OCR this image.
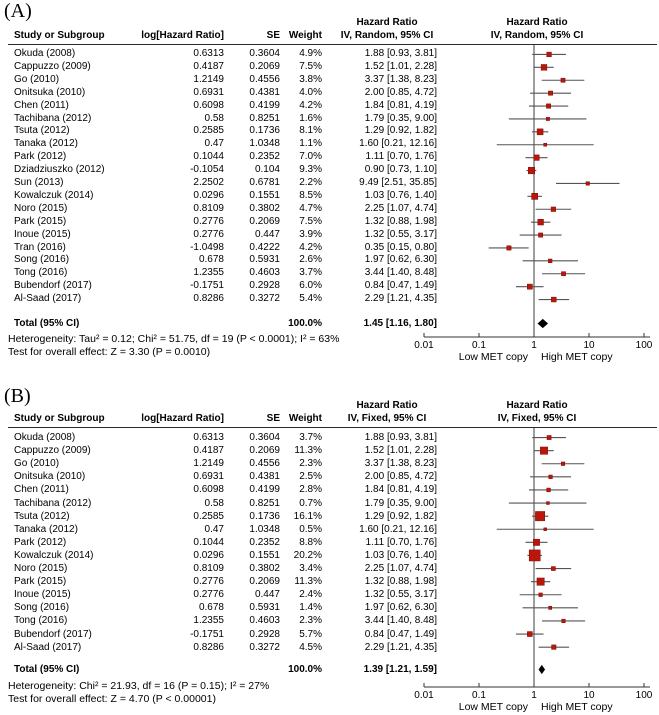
(A)
Hazard Ratio	Hazard Ratio
Study or Subgroup	log[Hazard Ratio]	SE Weight	IV, Random, 95% CI	IV, Random, 95% CI
Okuda (2008)	0.6313	0.3604	4.9%	1.88 [0.93, 3.81]
Cappuzzo (2009)	0.4187	0.2069	7.5%	1.52 [1.01, 2.28]
Go (2010)	1.2149	0.4556	3.8%	3.37 [1.38, 8.23]
Onitsuka (2010)	0.6931	0.4381	4.0%	2.00 [0.85, 4.72]
Chen (2011)	0.6098	0.4199	4.2%	1.84 [0.81, 4.19]
Tachibana (2012)	0.58	0.8251	1.6%	1.79 [0.35, 9.00]
Tsuta (2012)	0.2585	0.1736	8.1%	1.29 [0.92, 1.82]
Tanaka (2012)	0.47	1.0348	1.1%	1.60 [0.21, 12.16]
Park (2012)	0.1044	0.2352	7.0%	1.11 [0.70, 1.76]
Dziadziuszko (2012)	-0.1054	0.104	9.3%	0.90 [0.73, 1.10]
Sun (2013)	2.2502	0.6781	2.2%	9.49 [2.51, 35.85]
Kowalczuk (2014)	0.0296	0.1551	8.5%	1.03 [0.76, 1.40]
Noro (2015)	0.8109	0.3802	4.7%	2.25 [1.07, 4.74]
Park (2015)	0.2776	0.2069	7.5%	1.32 [0.88, 1.98]
Inoue (2015)	0.2776	0.447	3.9%	1.32 [0.55, 3.17]
Tran (2016)	-1.0498	0.4222	4.2%	0.35 [0.15, 0.80]
Song (2016)	0.678	0.5931	2.6%	1.97 [0.62, 6.30]
Tong (2016)	1.2355	0.4603	3.7%	3.44 [1.40, 8.48]
Bubendorf (2017)	-0.1751	0.2928	6.0%	0.84 [0.47, 1.49]
Al-Saad (2017)	0.8286	0.3272	5.4%	2.29 [1.21, 4.35]
Total (95% CI)	100.0%	1.45 [1.16, 1.80]
Heterogeneity: Tau² = 0.12; Chi² = 51.75, df = 19 (P < 0.0001); I² = 63%
Test for overall effect: Z = 3.30 (P = 0.0010)
0.01	0.1	1	10	100
Low MET copy High MET copy
(B)	Hazard Ratio	Hazard Ratio
Study or Subgroup	log[Hazard Ratio]	SE Weight	IV, Fixed, 95% CI	IV, Fixed, 95% CI
Okuda (2008)	0.6313	0.3604	3.7%	1.88 [0.93, 3.81]
Cappuzzo (2009)	0.4187	0.2069	11.3%	1.52 [1.01, 2.28]
Go (2010)	1.2149	0.4556	2.3%	3.37 [1.38, 8.23]
Onitsuka (2010)	0.6931	0.4381	2.5%	2.00 [0.85, 4.72]
Chen (2011)	0.6098	0.4199	2.8%	1.84 [0.81, 4.19]
Tachibana (2012)	0.58	0.8251	0.7%	1.79 [0.35, 9.00]
Tsuta (2012)	0.2585	0.1736	16.1%	1.29 [0.92, 1.82]
Tanaka (2012)	0.47	1.0348	0.5%	1.60 [0.21, 12.16]
Park (2012)	0.1044	0.2352	8.8%	1.11 [0.70, 1.76]
Kowalczuk (2014)	0.0296	0.1551	20.2%	1.03 [0.76, 1.40]
Noro (2015)	0.8109	0.3802	3.4%	2.25 [1.07, 4.74]
Park (2015)	0.2776	0.2069	11.3%	1.32 [0.88, 1.98]
Inoue (2015)	0.2776	0.447	2.4%	1.32 [0.55, 3.17]
Song (2016)	0.678	0.5931	1.4%	1.97 [0.62, 6.30]
Tong (2016)	1.2355	0.4603	2.3%	3.44 [1.40, 8.48]
Bubendorf (2017)	-0.1751	0.2928	5.7%	0.84 [0.47, 1.49]
Al-Saad (2017)	0.8286	0.3272	4.5%	2.29 [1.21, 4.35]
Total (95% CI)	100.0%	1.39 [1.21, 1.59]
Heterogeneity: Chi² = 21.93, df = 16 (P = 0.15); I² = 27%
Test for overall effect: Z = 4.70 (P < 0.00001)	0.01	0.1	1	10	100
Low MET copy High MET copy
